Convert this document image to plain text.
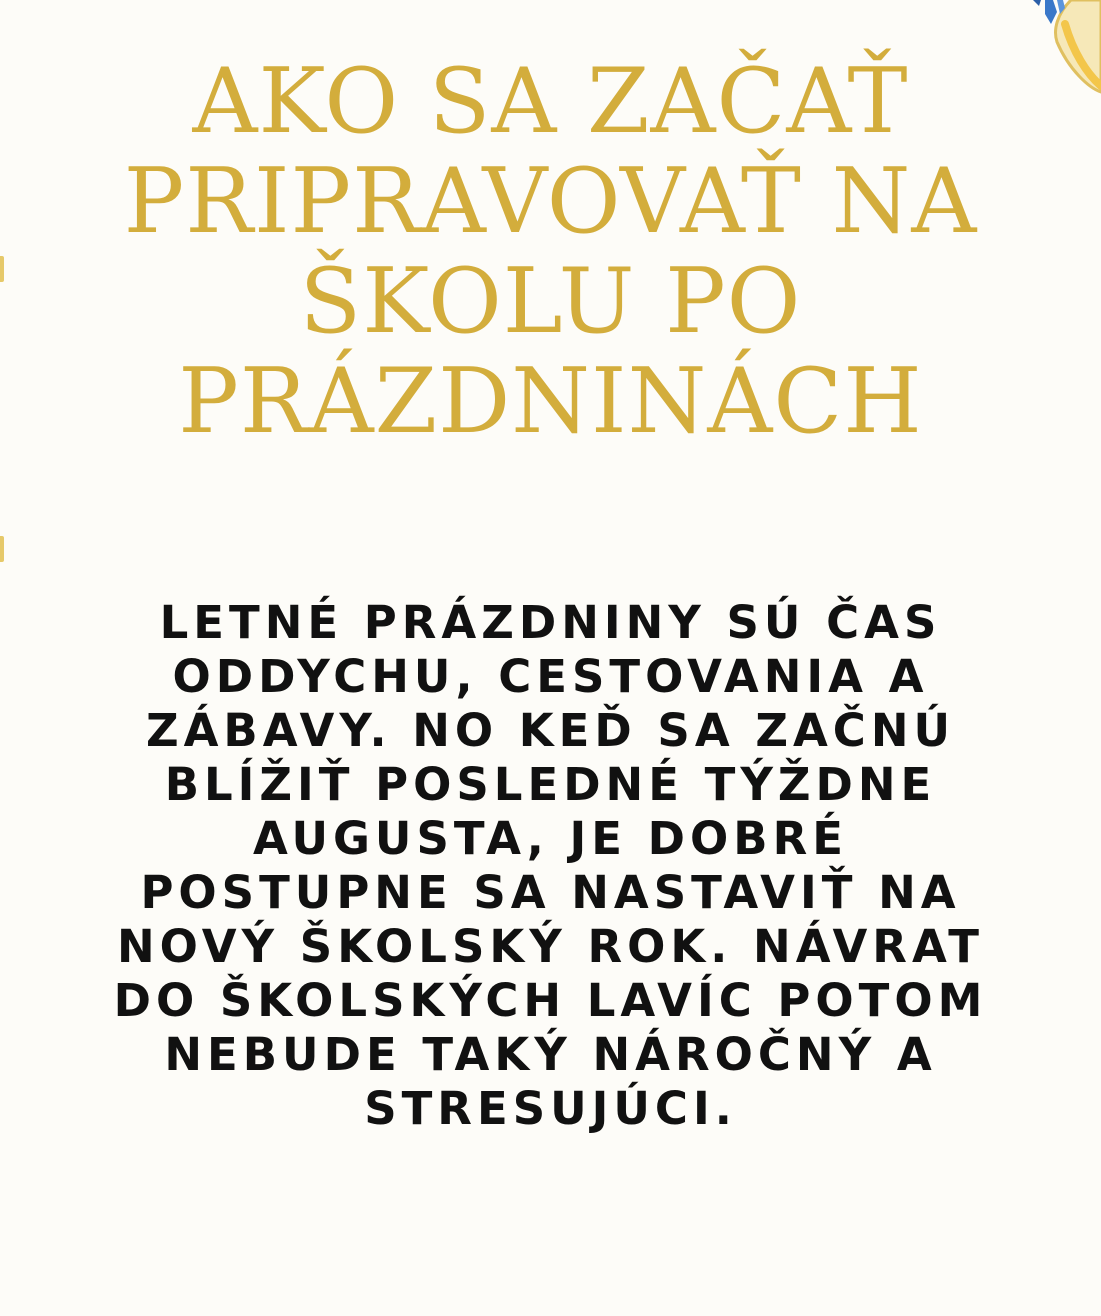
AKO SA ZAČAŤ
PRIPRAVOVAŤ NA
ŠKOLU PO
PRÁZDNINÁCH

LETNÉ PRÁZDNINY SÚ ČAS
ODDYCHU, CESTOVANIA A
ZÁBAVY. NO KEĎ SA ZAČNÚ
BLÍŽIŤ POSLEDNÉ TÝŽDNE
AUGUSTA, JE DOBRÉ
POSTUPNE SA NASTAVIŤ NA
NOVÝ ŠKOLSKÝ ROK. NÁVRAT
DO ŠKOLSKÝCH LAVÍC POTOM
NEBUDE TAKÝ NÁROČNÝ A
STRESUJÚCI.
